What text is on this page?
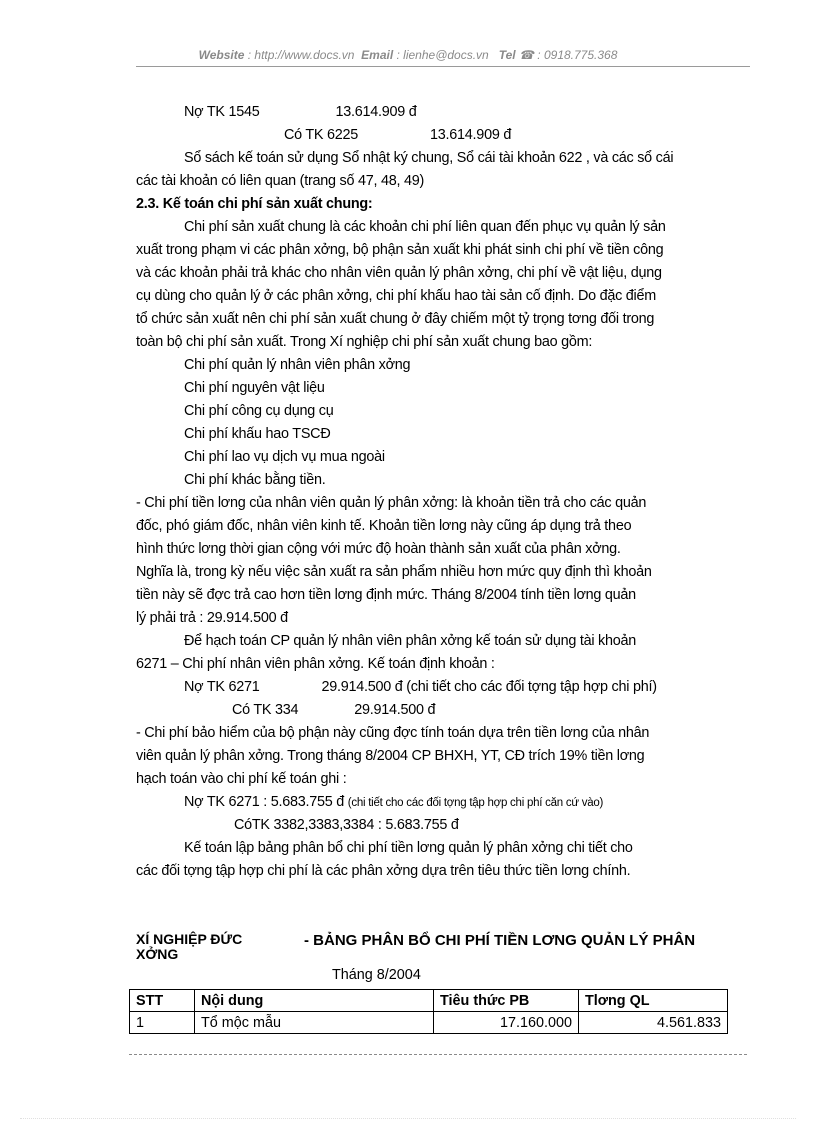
Website : http://www.docs.vn Email : lienhe@docs.vn Tel ☎ : 0918.775.368
Nợ TK 1545	13.614.909 đ
Có TK 6225	13.614.909 đ
Sổ sách kế toán sử dụng Sổ nhật ký chung, Sổ cái tài khoản 622 , và các sổ cái
các tài khoản có liên quan (trang số 47, 48, 49)
2.3. Kế toán chi phí sản xuất chung:
Chi phí sản xuất chung là các khoản chi phí liên quan đến phục vụ quản lý sản
xuất trong phạm vi các phân xởng, bộ phận sản xuất khi phát sinh chi phí về tiền công
và các khoản phải trả khác cho nhân viên quản lý phân xởng, chi phí về vật liệu, dụng
cụ dùng cho quản lý ở các phân xởng, chi phí khấu hao tài sản cố định. Do đặc điểm
tổ chức sản xuất nên chi phí sản xuất chung ở đây chiếm một tỷ trọng tơng đối trong
toàn bộ chi phí sản xuất. Trong Xí nghiệp chi phí sản xuất chung bao gồm:
Chi phí quản lý nhân viên phân xởng
Chi phí nguyên vật liệu
Chi phí công cụ dụng cụ
Chi phí khấu hao TSCĐ
Chi phí lao vụ dịch vụ mua ngoài
Chi phí khác bằng tiền.
- Chi phí tiền lơng của nhân viên quản lý phân xởng: là khoản tiền trả cho các quản
đốc, phó giám đốc, nhân viên kinh tế. Khoản tiền lơng này cũng áp dụng trả theo
hình thức lơng thời gian cộng với mức độ hoàn thành sản xuất của phân xởng.
Nghĩa là, trong kỳ nếu việc sản xuất ra sản phẩm nhiều hơn mức quy định thì khoản
tiền này sẽ đợc trả cao hơn tiền lơng định mức. Tháng 8/2004 tính tiền lơng quản
lý phải trả : 29.914.500 đ
Để hạch toán CP quản lý nhân viên phân xởng kế toán sử dụng tài khoản
6271 – Chi phí nhân viên phân xởng. Kế toán định khoản :
Nợ TK 6271	29.914.500 đ (chi tiết cho các đối tợng tập hợp chi phí)
Có TK 334	29.914.500 đ
- Chi phí bảo hiểm của bộ phận này cũng đợc tính toán dựa trên tiền lơng của nhân
viên quản lý phân xởng. Trong tháng 8/2004 CP BHXH, YT, CĐ trích 19% tiền lơng
hạch toán vào chi phí kế toán ghi :
Nợ TK 6271 : 5.683.755 đ (chi tiết cho các đối tợng tập hợp chi phí căn cứ vào)
CóTK 3382,3383,3384 : 5.683.755 đ
Kế toán lập bảng phân bổ chi phí tiền lơng quản lý phân xởng chi tiết cho
các đối tợng tập hợp chi phí là các phân xởng dựa trên tiêu thức tiền lơng chính.
XÍ NGHIỆP ĐỨC XỞNG
- BẢNG PHÂN BỔ CHI PHÍ TIỀN LƠNG QUẢN LÝ PHÂN
Tháng 8/2004
STT	Nội dung	Tiêu thức PB	Tlơng QL
1	Tổ mộc mẫu	17.160.000	4.561.833
